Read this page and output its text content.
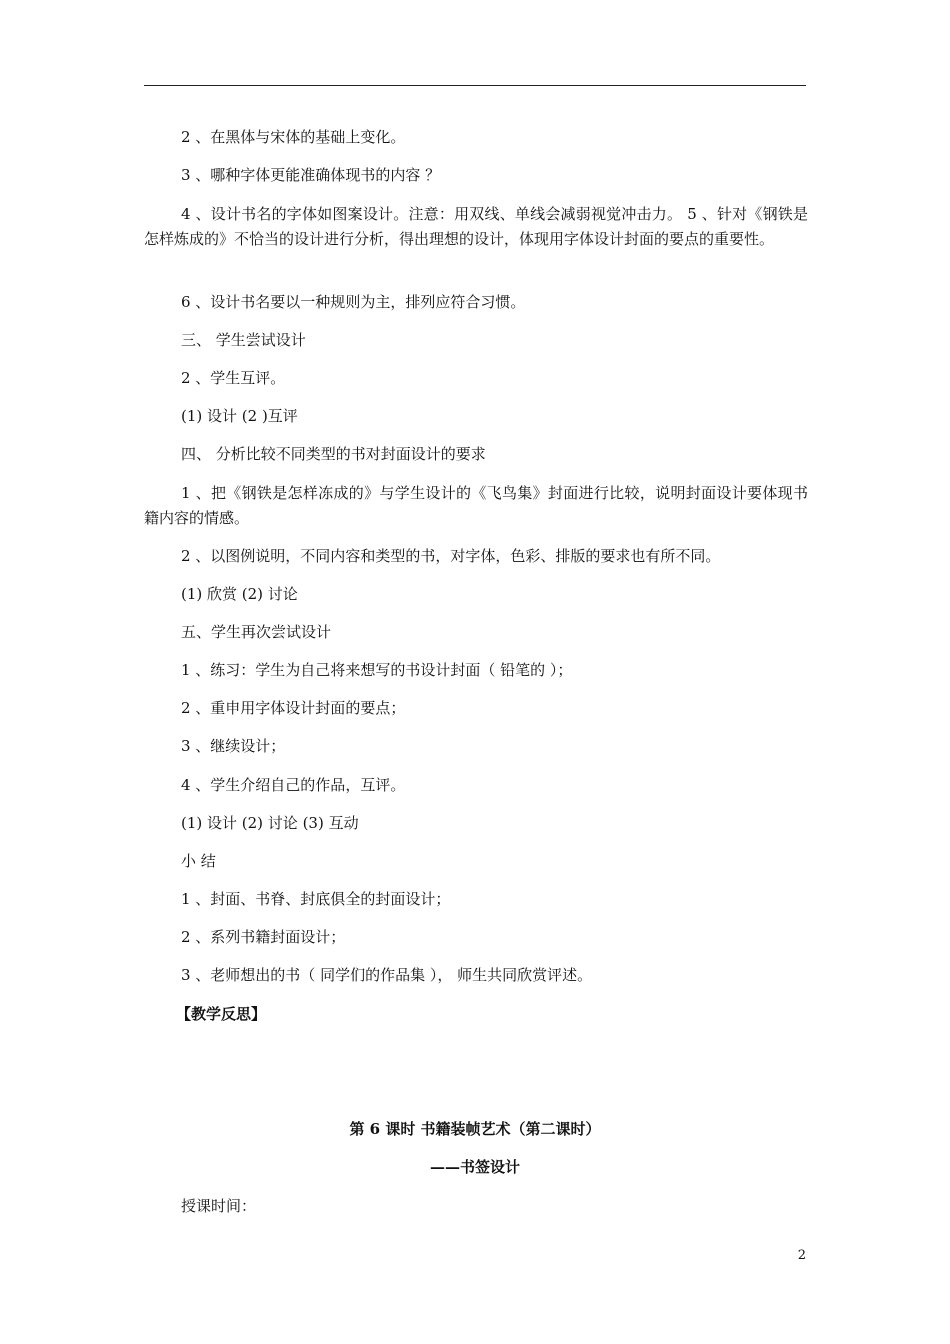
2 、在黑体与宋体的基础上变化。

3 、哪种字体更能准确体现书的内容 ？

4 、设计书名的字体如图案设计。注意：用双线、单线会减弱视觉冲击力。 5 、针对《钢铁是怎样炼成的》不恰当的设计进行分析，得出理想的设计，体现用字体设计封面的要点的重要性。

6 、设计书名要以一种规则为主，排列应符合习惯。

三、 学生尝试设计

2 、学生互评。

(1) 设计 (2 )互评

四、 分析比较不同类型的书对封面设计的要求

1 、把《钢铁是怎样冻成的》与学生设计的《飞鸟集》封面进行比较，说明封面设计要体现书籍内容的情感。

2 、以图例说明，不同内容和类型的书，对字体，色彩、排版的要求也有所不同。

(1) 欣赏 (2) 讨论

五、学生再次尝试设计

1 、练习：学生为自己将来想写的书设计封面（ 铅笔的 ）；

2 、重申用字体设计封面的要点；

3 、继续设计；

4 、学生介绍自己的作品，互评。

(1) 设计 (2) 讨论 (3) 互动

小 结

1 、封面、书脊、封底俱全的封面设计；

2 、系列书籍封面设计；

3 、老师想出的书（ 同学们的作品集 ）， 师生共同欣赏评述。

【教学反思】

第 6 课时 书籍装帧艺术（第二课时）

——书签设计

授课时间：

2
